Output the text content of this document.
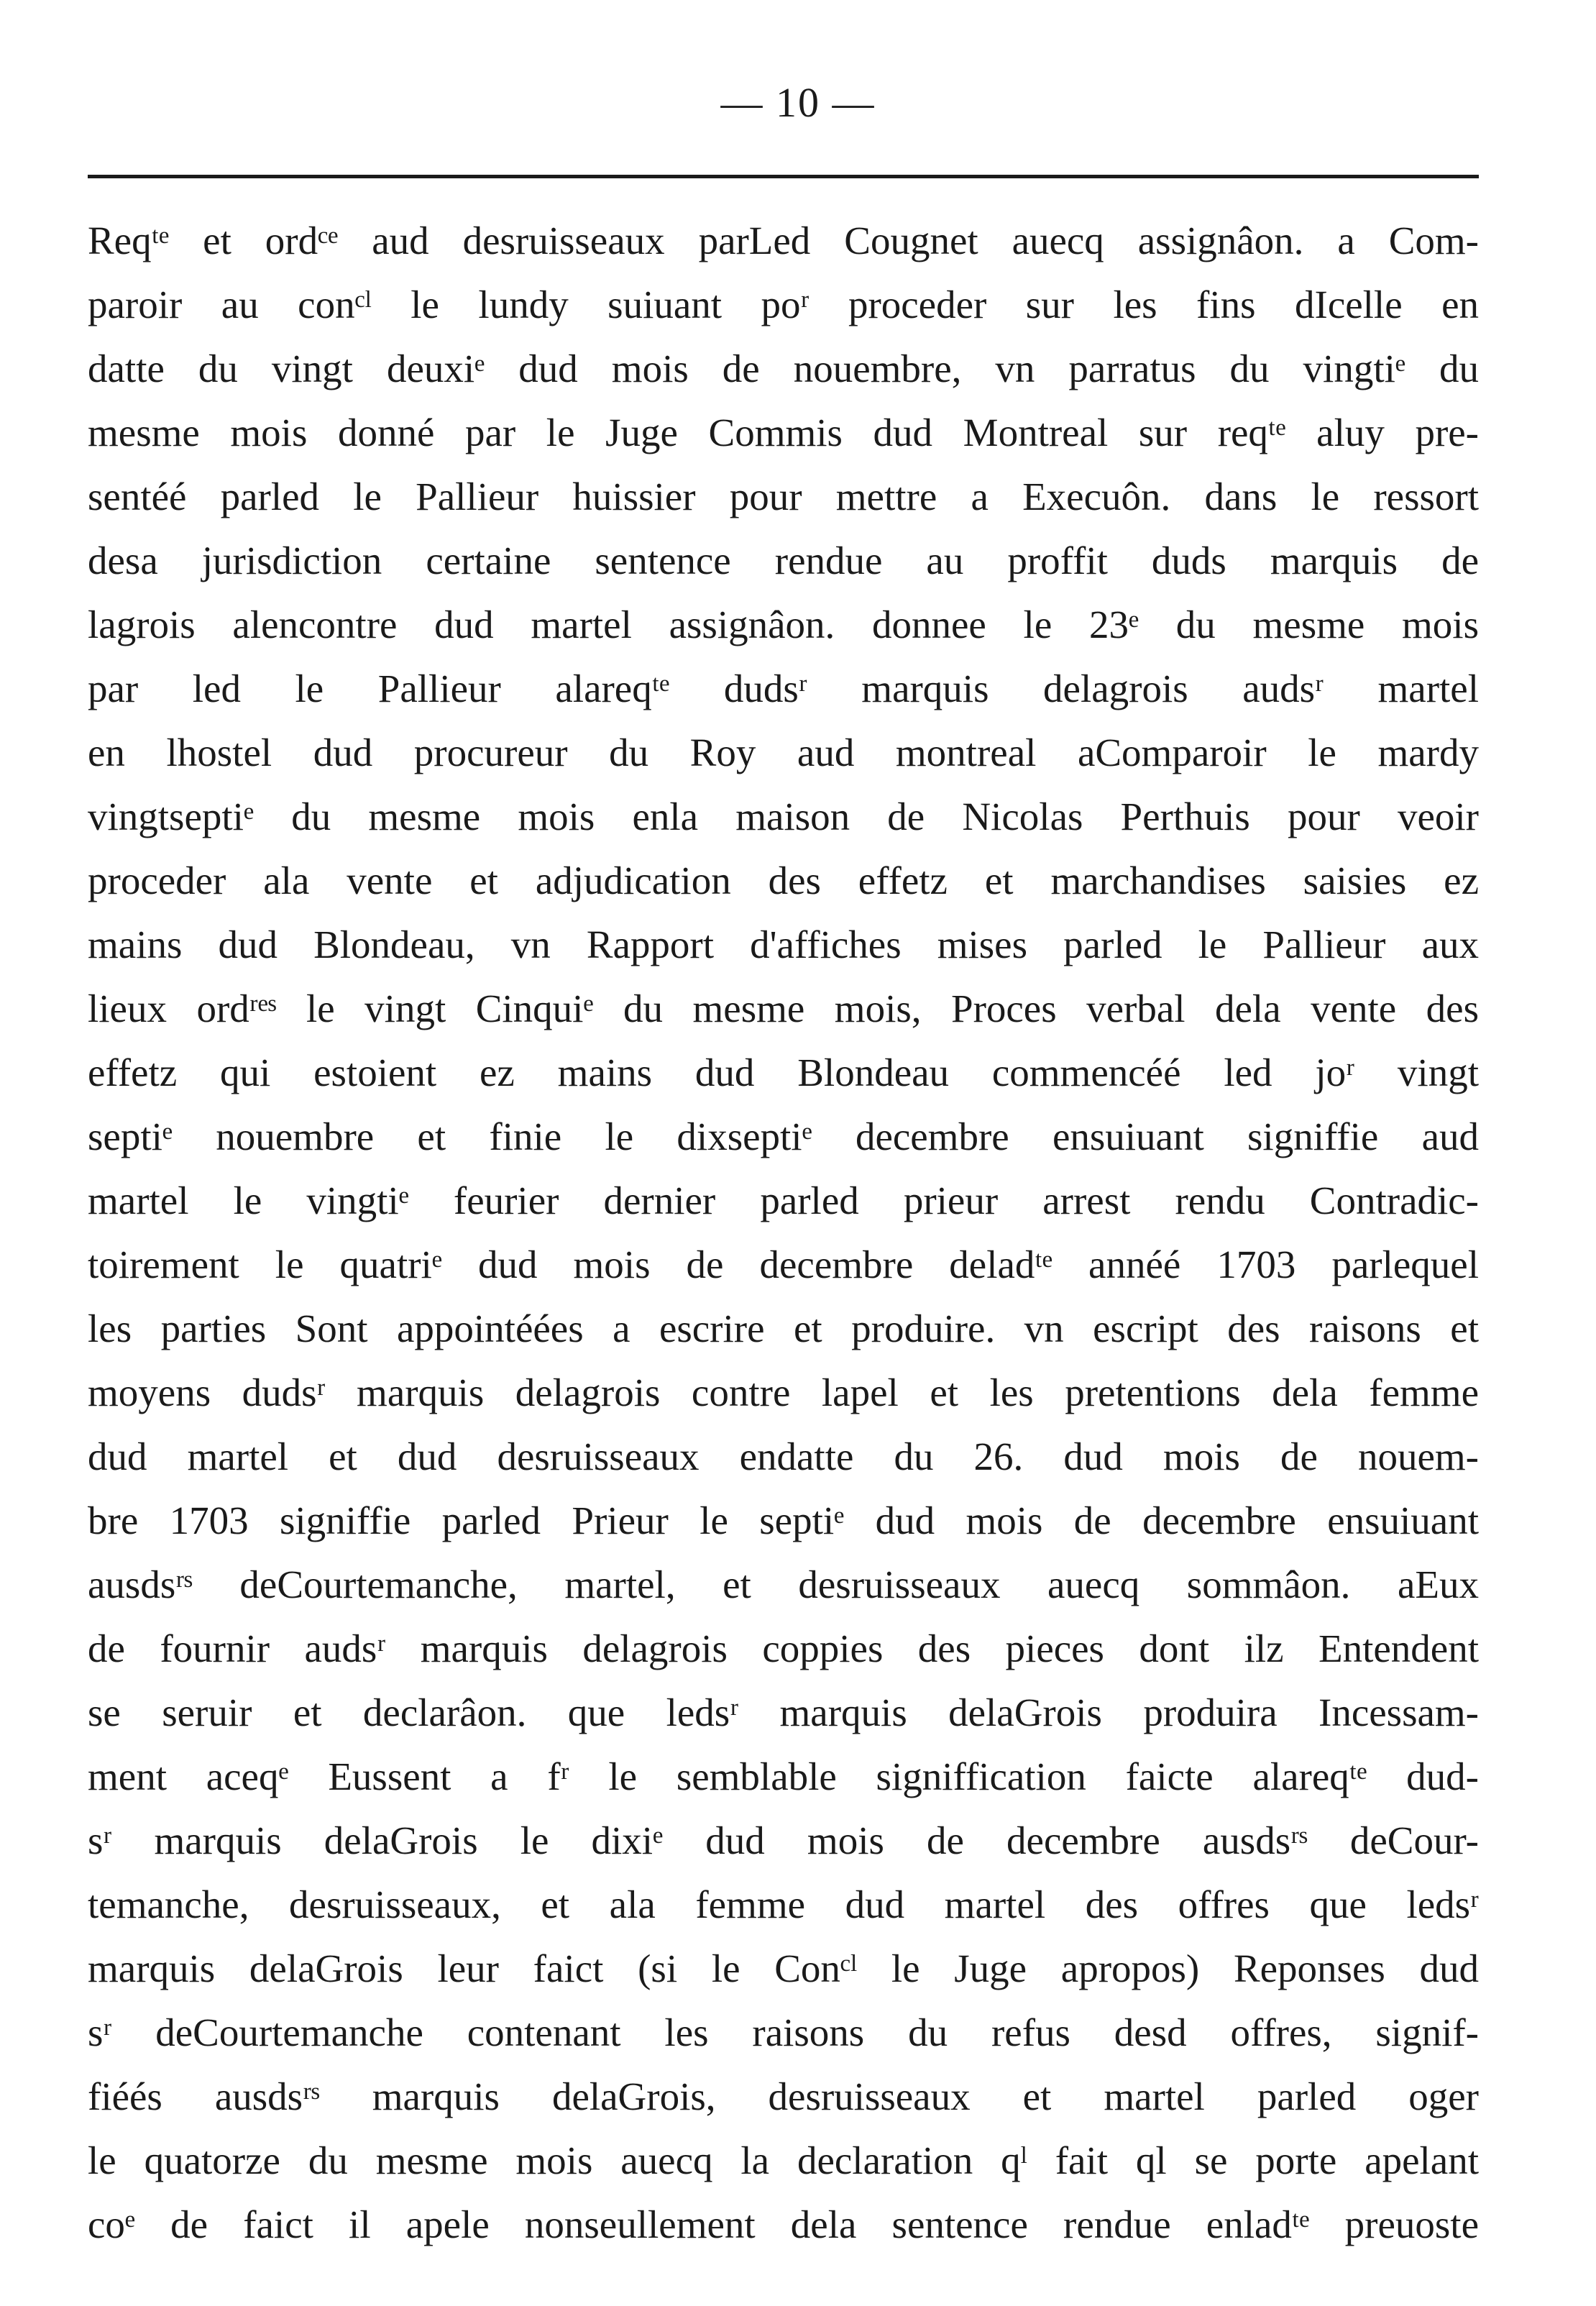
— 10 —
Reqᵗᵉ et ordᶜᵉ aud desruisseaux parLed Cougnet auecq assignâon. a Com-
paroir au conᶜˡ le lundy suiuant poʳ proceder sur les fins dIcelle en
datte du vingt deuxiᵉ dud mois de nouembre, vn parratus du vingtiᵉ du
mesme mois donné par le Juge Commis dud Montreal sur reqᵗᵉ aluy pre-
sentéé parled le Pallieur huissier pour mettre a Execuôn. dans le ressort
desa jurisdiction certaine sentence rendue au proffit duds marquis de
lagrois alencontre dud martel assignâon. donnee le 23ᵉ du mesme mois
par led le Pallieur alareqᵗᵉ dudsʳ marquis delagrois audsʳ martel
en lhostel dud procureur du Roy aud montreal aComparoir le mardy
vingtseptiᵉ du mesme mois enla maison de Nicolas Perthuis pour veoir
proceder ala vente et adjudication des effetz et marchandises saisies ez
mains dud Blondeau, vn Rapport d'affiches mises parled le Pallieur aux
lieux ordʳᵉˢ le vingt Cinquiᵉ du mesme mois, Proces verbal dela vente des
effetz qui estoient ez mains dud Blondeau commencéé led joʳ vingt
septiᵉ nouembre et finie le dixseptiᵉ decembre ensuiuant signiffie aud
martel le vingtiᵉ feurier dernier parled prieur arrest rendu Contradic-
toirement le quatriᵉ dud mois de decembre deladᵗᵉ annéé 1703 parlequel
les parties Sont appointéées a escrire et produire. vn escript des raisons et
moyens dudsʳ marquis delagrois contre lapel et les pretentions dela femme
dud martel et dud desruisseaux endatte du 26. dud mois de nouem-
bre 1703 signiffie parled Prieur le septiᵉ dud mois de decembre ensuiuant
ausdsʳˢ deCourtemanche, martel, et desruisseaux auecq sommâon. aEux
de fournir audsʳ marquis delagrois coppies des pieces dont ilz Entendent
se seruir et declarâon. que ledsʳ marquis delaGrois produira Incessam-
ment aceqᵉ Eussent a fʳ le semblable signiffication faicte alareqᵗᵉ dud-
sʳ marquis delaGrois le dixiᵉ dud mois de decembre ausdsʳˢ deCour-
temanche, desruisseaux, et ala femme dud martel des offres que ledsʳ
marquis delaGrois leur faict (si le Conᶜˡ le Juge apropos) Reponses dud
sʳ deCourtemanche contenant les raisons du refus desd offres, signif-
fiéés ausdsʳˢ marquis delaGrois, desruisseaux et martel parled oger
le quatorze du mesme mois auecq la declaration qˡ fait ql se porte apelant
coᵉ de faict il apele nonseullement dela sentence rendue enladᵗᵉ preuoste
